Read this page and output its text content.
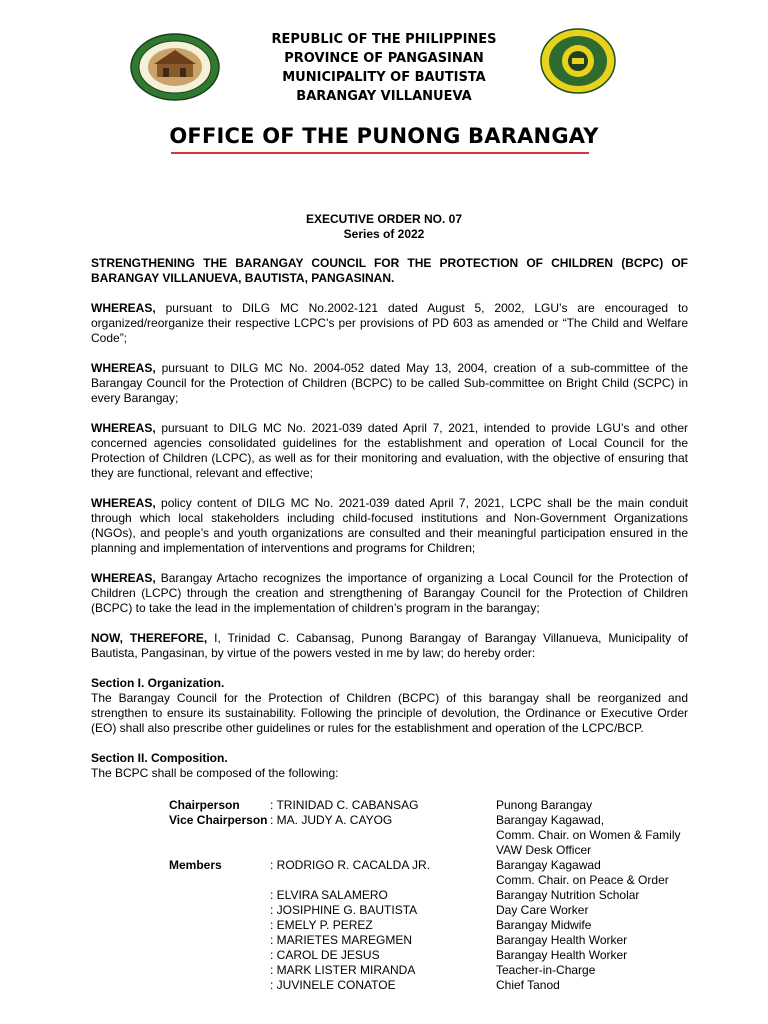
REPUBLIC OF THE PHILIPPINES
PROVINCE OF PANGASINAN
MUNICIPALITY OF BAUTISTA
BARANGAY VILLANUEVA
OFFICE OF THE PUNONG BARANGAY
EXECUTIVE ORDER NO. 07
Series of 2022

STRENGTHENING THE BARANGAY COUNCIL FOR THE PROTECTION OF CHILDREN (BCPC) OF BARANGAY VILLANUEVA, BAUTISTA, PANGASINAN.

WHEREAS, pursuant to DILG MC No.2002-121 dated August 5, 2002, LGU’s are encouraged to organized/reorganize their respective LCPC’s per provisions of PD 603 as amended or “The Child and Welfare Code”;

WHEREAS, pursuant to DILG MC No. 2004-052 dated May 13, 2004, creation of a sub-committee of the Barangay Council for the Protection of Children (BCPC) to be called Sub-committee on Bright Child (SCPC) in every Barangay;

WHEREAS, pursuant to DILG MC No. 2021-039 dated April 7, 2021, intended to provide LGU’s and other concerned agencies consolidated guidelines for the establishment and operation of Local Council for the Protection of Children (LCPC), as well as for their monitoring and evaluation, with the objective of ensuring that they are functional, relevant and effective;

WHEREAS, policy content of DILG MC No. 2021-039 dated April 7, 2021, LCPC shall be the main conduit through which local stakeholders including child-focused institutions and Non-Government Organizations (NGOs), and people’s and youth organizations are consulted and their meaningful participation ensured in the planning and implementation of interventions and programs for Children;

WHEREAS, Barangay Artacho recognizes the importance of organizing a Local Council for the Protection of Children (LCPC) through the creation and strengthening of Barangay Council for the Protection of Children (BCPC) to take the lead in the implementation of children’s program in the barangay;

NOW, THEREFORE, I, Trinidad C. Cabansag, Punong Barangay of Barangay Villanueva, Municipality of Bautista, Pangasinan, by virtue of the powers vested in me by law; do hereby order:

Section I. Organization.

The Barangay Council for the Protection of Children (BCPC) of this barangay shall be reorganized and strengthen to ensure its sustainability. Following the principle of devolution, the Ordinance or Executive Order (EO) shall also prescribe other guidelines or rules for the establishment and operation of the LCPC/BCP.

Section II. Composition.

The BCPC shall be composed of the following:

Chairperson	: TRINIDAD C. CABANSAG	Punong Barangay
Vice Chairperson : MA. JUDY A. CAYOG	Barangay Kagawad,
Comm. Chair. on Women & Family
VAW Desk Officer
Members	: RODRIGO R. CACALDA JR.	Barangay Kagawad
Comm. Chair. on Peace & Order
: ELVIRA SALAMERO	Barangay Nutrition Scholar
: JOSIPHINE G. BAUTISTA	Day Care Worker
: EMELY P. PEREZ	Barangay Midwife
: MARIETES MAREGMEN	Barangay Health Worker
: CAROL DE JESUS	Barangay Health Worker
: MARK LISTER MIRANDA	Teacher-in-Charge
: JUVINELE CONATOE	Chief Tanod
